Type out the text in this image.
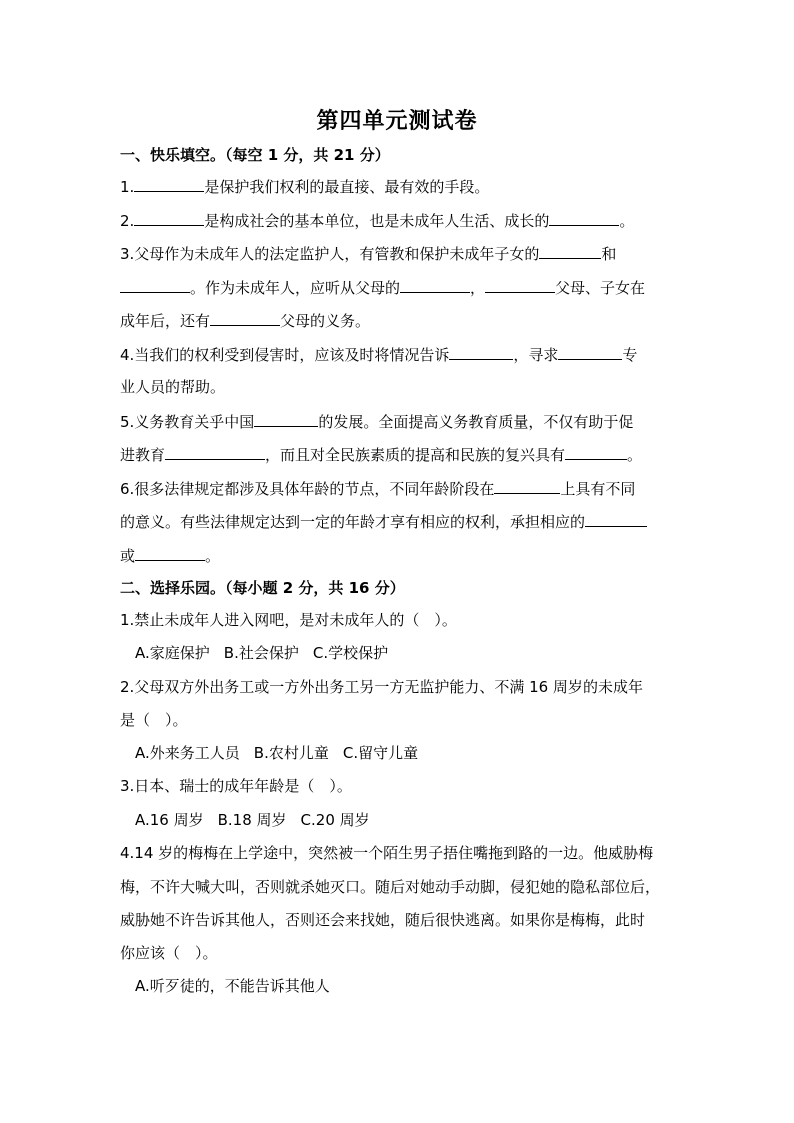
第四单元测试卷
一、快乐填空。（每空 1 分，共 21 分）
1.	是保护我们权利的最直接、最有效的手段。
2.	是构成社会的基本单位，也是未成年人生活、成长的	。
3.父母作为未成年人的法定监护人，有管教和保护未成年子女的	和
。作为未成年人，应听从父母的	，	父母、子女在
成年后，还有	父母的义务。
4.当我们的权利受到侵害时，应该及时将情况告诉	，寻求	专
业人员的帮助。
5.义务教育关乎中国	的发展。全面提高义务教育质量，不仅有助于促
进教育	，而且对全民族素质的提高和民族的复兴具有	。
6.很多法律规定都涉及具体年龄的节点，不同年龄阶段在	上具有不同
的意义。有些法律规定达到一定的年龄才享有相应的权利，承担相应的
或	。
二、选择乐园。（每小题 2 分，共 16 分）
1.禁止未成年人进入网吧，是对未成年人的（　）。
A.家庭保护 B.社会保护 C.学校保护
2.父母双方外出务工或一方外出务工另一方无监护能力、不满 16 周岁的未成年
是（　）。
A.外来务工人员 B.农村儿童 C.留守儿童
3.日本、瑞士的成年年龄是（　）。
A.16 周岁 B.18 周岁 C.20 周岁
4.14 岁的梅梅在上学途中，突然被一个陌生男子捂住嘴拖到路的一边。他威胁梅
梅，不许大喊大叫，否则就杀她灭口。随后对她动手动脚，侵犯她的隐私部位后，
威胁她不许告诉其他人，否则还会来找她，随后很快逃离。如果你是梅梅，此时
你应该（　）。
A.听歹徒的，不能告诉其他人
